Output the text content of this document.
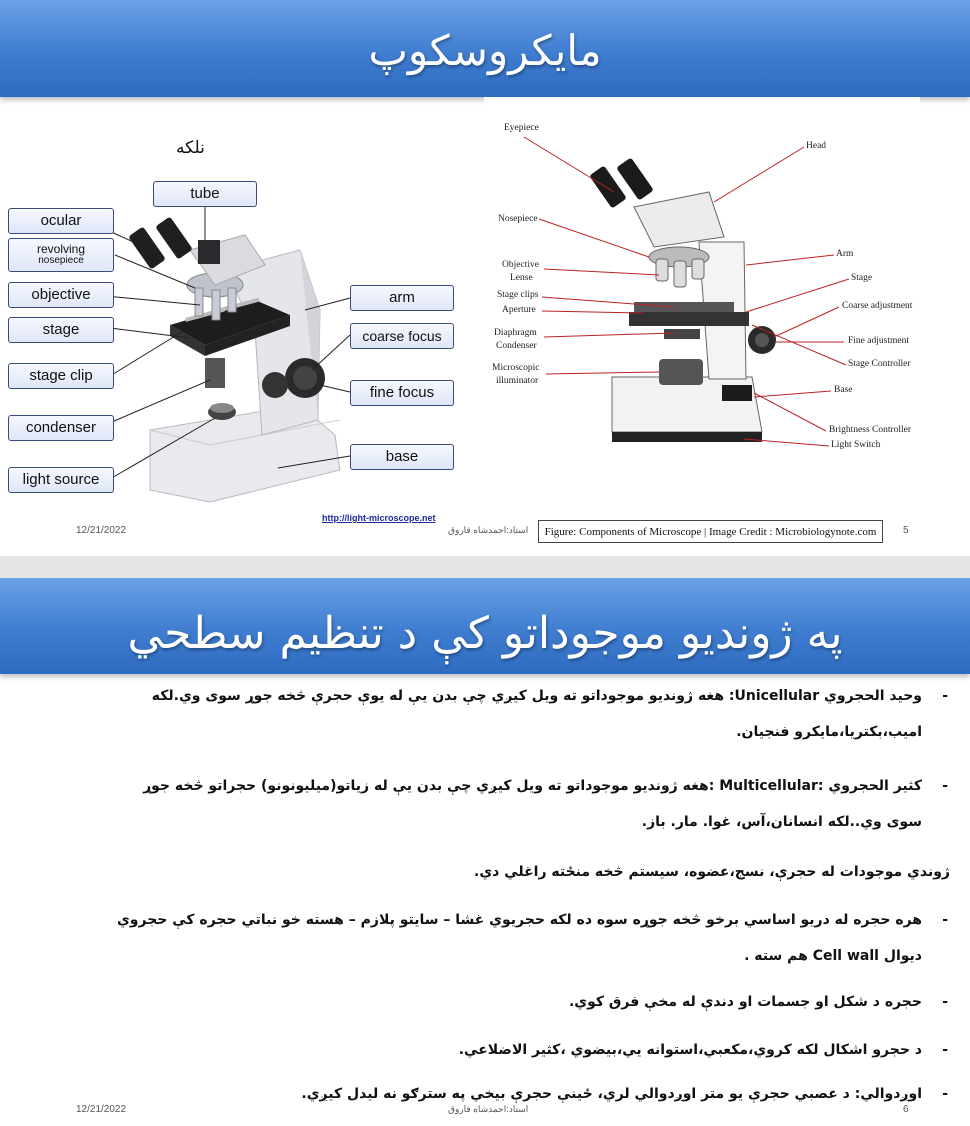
مایکروسکوپ
نلکه
tube
ocular
revolving
nosepiece
objective
stage
stage clip
condenser
light source
arm
coarse focus
fine focus
base
http://light-microscope.net
Eyepiece
Head
Nosepiece
Objective
Lense
Stage clips
Aperture
Diaphragm
Condenser
Microscopic
illuminator
Arm
Stage
Coarse adjustment
Fine adjustment
Stage Controller
Base
Brightness Controller
Light Switch
Figure: Components of Microscope | Image Credit : Microbiologynote.com
12/21/2022	استاد:احمدشاه فاروق	5
په ژوندیو موجوداتو کې د تنظیم سطحي
-
وحید الحجروي Unicellular: هغه ژوندیو موجوداتو ته ویل کیږي چې بدن یې له یوې حجرې څخه جوړ سوی وي.لکه
امیب،بکتریا،مایکرو فنجیان.
-
کثیر الحجروي :Multicellular :هغه ژوندیو موجوداتو ته ویل کیږي چې بدن یې له زیاتو(میلیونونو) حجراتو څخه جوړ
سوی وي..لکه انسانان،آس، غوا. مار. باز.
ژوندي موجودات له حجرې، نسج،عضوه، سیستم څخه منځته راغلي دي.
-
هره حجره له دریو اساسي برخو څخه جوړه سوه ده لکه حجریوي غشا – سایتو پلازم – هسته خو نباتي حجره کې حجروي
دیوال Cell wall هم سته .
-
حجره د شکل او جسمات او دندې له مخې فرق کوي.
-
د حجرو اشکال لکه کروي،مکعبي،استوانه یي،بیضوي ،کثیر الاضلاعي.
-
اوږدوالي: د عصبي حجرې یو متر اوږدوالي لري، ځینې حجرې بیخي په سترګو نه لیدل کیږي.
12/21/2022	استاد:احمدشاه فاروق	6
